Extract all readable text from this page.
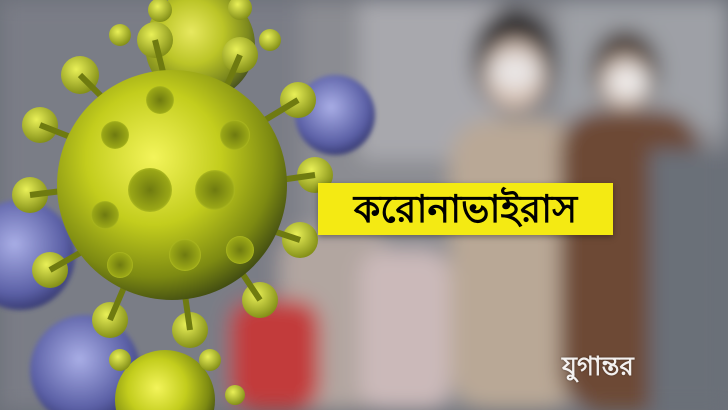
করোনাভাইরাস
যুগান্তর
